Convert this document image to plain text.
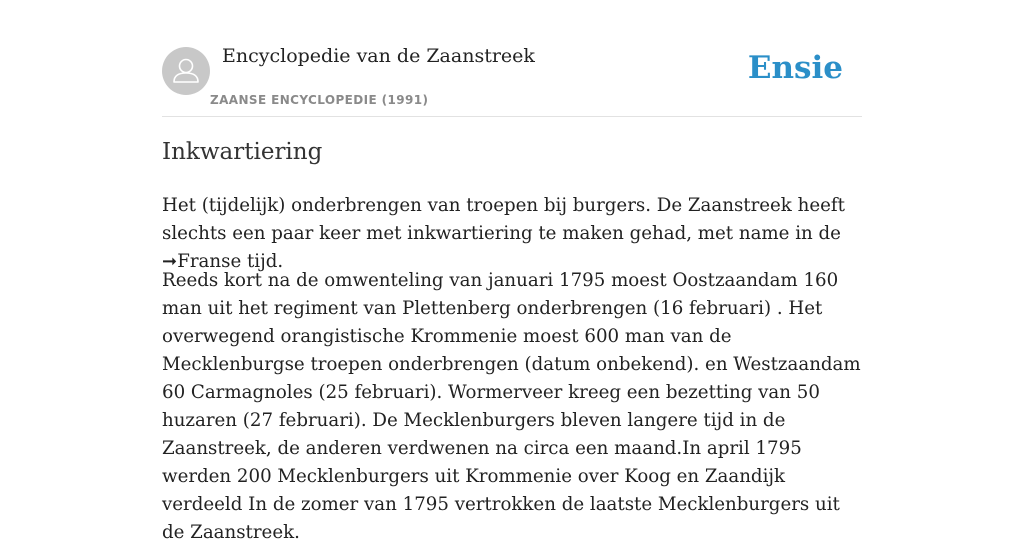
Encyclopedie van de Zaanstreek
ZAANSE ENCYCLOPEDIE (1991)
Ensie
Inkwartiering

Het (tijdelijk) onderbrengen van troepen bij burgers. De Zaanstreek heeft slechts een paar keer met inkwartiering te maken gehad, met name in de ➞Franse tijd.

Reeds kort na de omwenteling van januari 1795 moest Oostzaandam 160 man uit het regiment van Plettenberg onderbrengen (16 februari) . Het overwegend orangistische Krommenie moest 600 man van de Mecklenburgse troepen onderbrengen (datum onbekend). en Westzaandam 60 Carmagnoles (25 februari). Wormerveer kreeg een bezetting van 50 huzaren (27 februari). De Mecklenburgers bleven langere tijd in de Zaanstreek, de anderen verdwenen na circa een maand.In april 1795 werden 200 Mecklenburgers uit Krommenie over Koog en Zaandijk verdeeld In de zomer van 1795 vertrokken de laatste Mecklenburgers uit de Zaanstreek.
